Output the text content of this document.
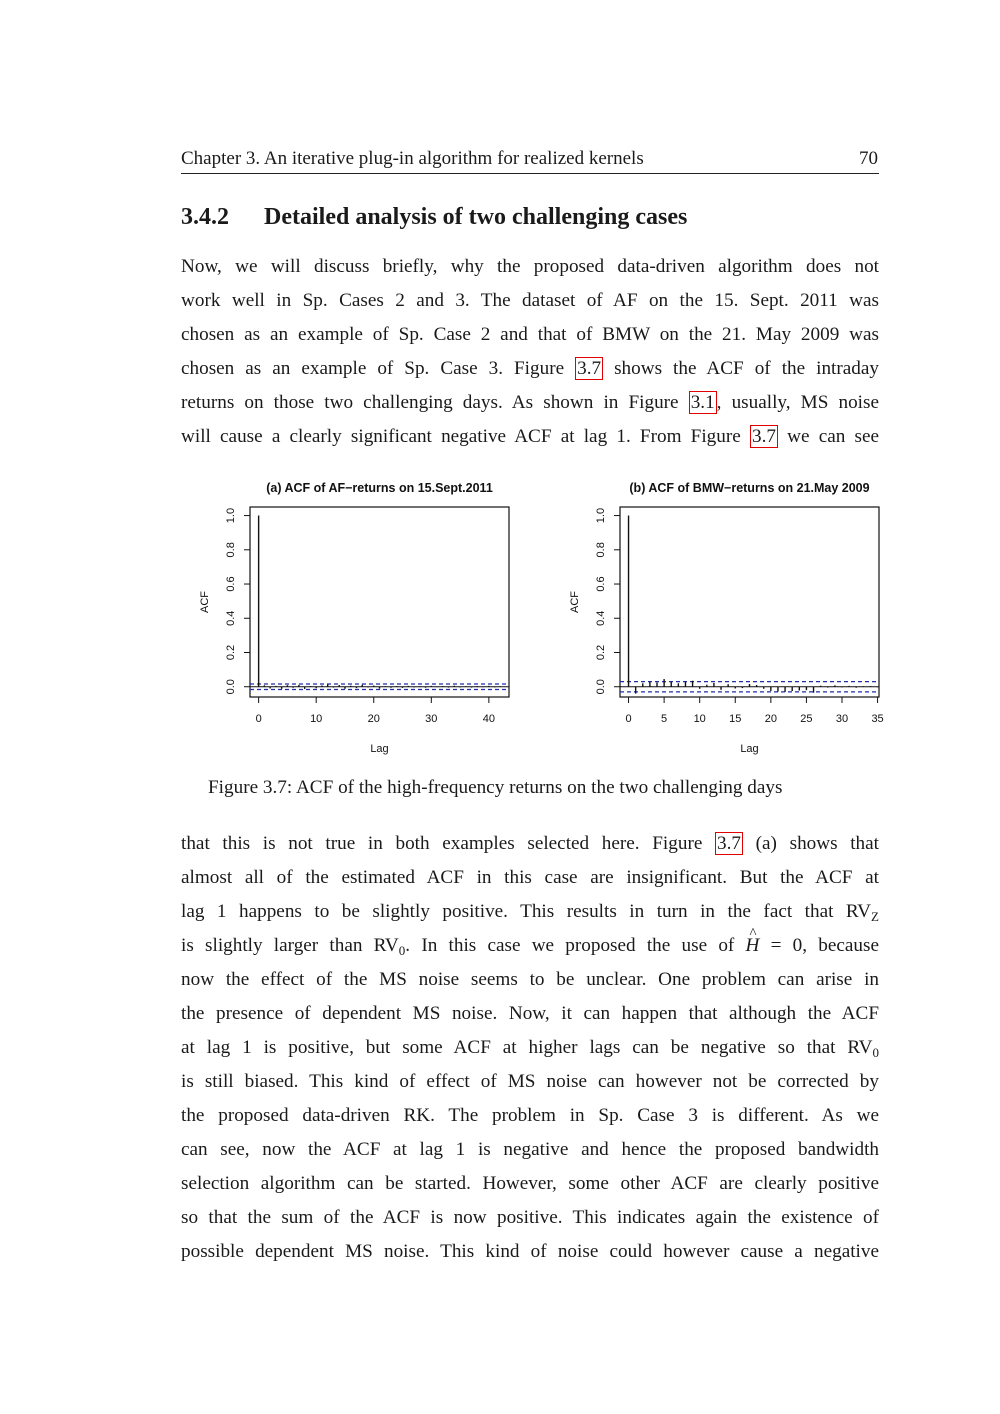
Chapter 3. An iterative plug-in algorithm for realized kernels	70
3.4.2 Detailed analysis of two challenging cases
Now, we will discuss briefly, why the proposed data-driven algorithm does not
work well in Sp. Cases 2 and 3. The dataset of AF on the 15. Sept. 2011 was
chosen as an example of Sp. Case 2 and that of BMW on the 21. May 2009 was
chosen as an example of Sp. Case 3. Figure 3.7 shows the ACF of the intraday
returns on those two challenging days. As shown in Figure 3.1 , usually, MS noise
will cause a clearly significant negative ACF at lag 1. From Figure 3.7 we can see
(a) ACF of AF−returns on 15.Sept.2011
0.0
0.2
0.4
0.6
0.8
1.0
0	10	20	30	40
Lag
ACF
(b) ACF of BMW−returns on 21.May 2009
0.0
0.2
0.4
0.6
0.8
1.0
0	5 10 15 20 25 30 35
Lag
ACF
Figure 3.7: ACF of the high-frequency returns on the two challenging days
that this is not true in both examples selected here. Figure 3.7 (a) shows that
almost all of the estimated ACF in this case are insignificant. But the ACF at
lag 1 happens to be slightly positive. This results in turn in the fact that $RV_Z$
is slightly larger than $RV_0$. In this case we proposed the use of ^ H = 0, because
now the effect of the MS noise seems to be unclear. One problem can arise in
the presence of dependent MS noise. Now, it can happen that although the ACF
at lag 1 is positive, but some ACF at higher lags can be negative so that $RV_0$
is still biased. This kind of effect of MS noise can however not be corrected by
the proposed data-driven RK. The problem in Sp. Case 3 is different. As we
can see, now the ACF at lag 1 is negative and hence the proposed bandwidth
selection algorithm can be started. However, some other ACF are clearly positive
so that the sum of the ACF is now positive. This indicates again the existence of
possible dependent MS noise. This kind of noise could however cause a negative
